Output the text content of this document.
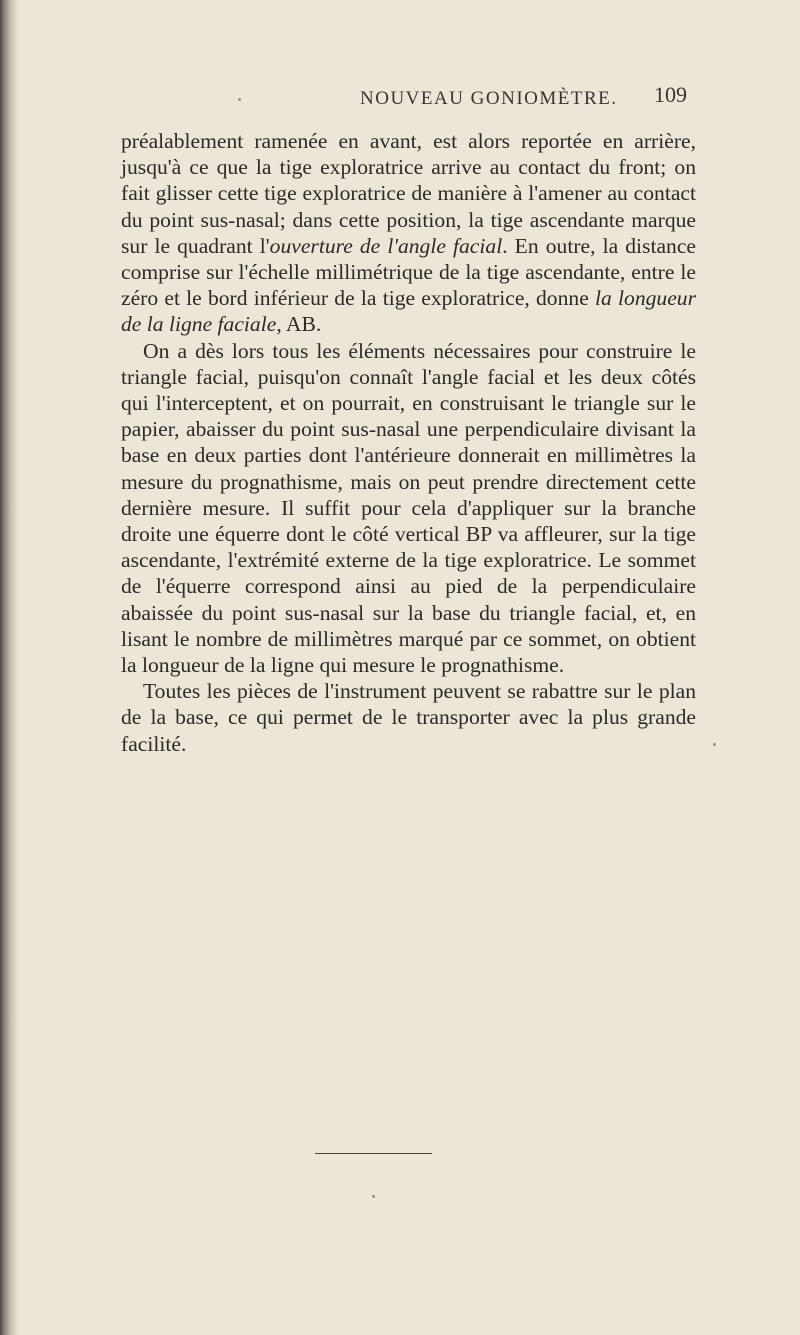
NOUVEAU GONIOMÈTRE. 109

préalablement ramenée en avant, est alors reportée en arrière, jusqu'à ce que la tige exploratrice arrive au contact du front; on fait glisser cette tige exploratrice de manière à l'amener au contact du point sus-nasal; dans cette position, la tige ascendante marque sur le quadrant l'ouverture de l'angle facial. En outre, la distance comprise sur l'échelle millimétrique de la tige ascendante, entre le zéro et le bord inférieur de la tige exploratrice, donne la longueur de la ligne faciale, AB.

On a dès lors tous les éléments nécessaires pour construire le triangle facial, puisqu'on connaît l'angle facial et les deux côtés qui l'interceptent, et on pourrait, en construisant le triangle sur le papier, abaisser du point sus-nasal une perpendiculaire divisant la base en deux parties dont l'antérieure donnerait en millimètres la mesure du prognathisme, mais on peut prendre directement cette dernière mesure. Il suffit pour cela d'appliquer sur la branche droite une équerre dont le côté vertical BP va affleurer, sur la tige ascendante, l'extrémité externe de la tige exploratrice. Le sommet de l'équerre correspond ainsi au pied de la perpendiculaire abaissée du point sus-nasal sur la base du triangle facial, et, en lisant le nombre de millimètres marqué par ce sommet, on obtient la longueur de la ligne qui mesure le prognathisme.

Toutes les pièces de l'instrument peuvent se rabattre sur le plan de la base, ce qui permet de le transporter avec la plus grande facilité.
